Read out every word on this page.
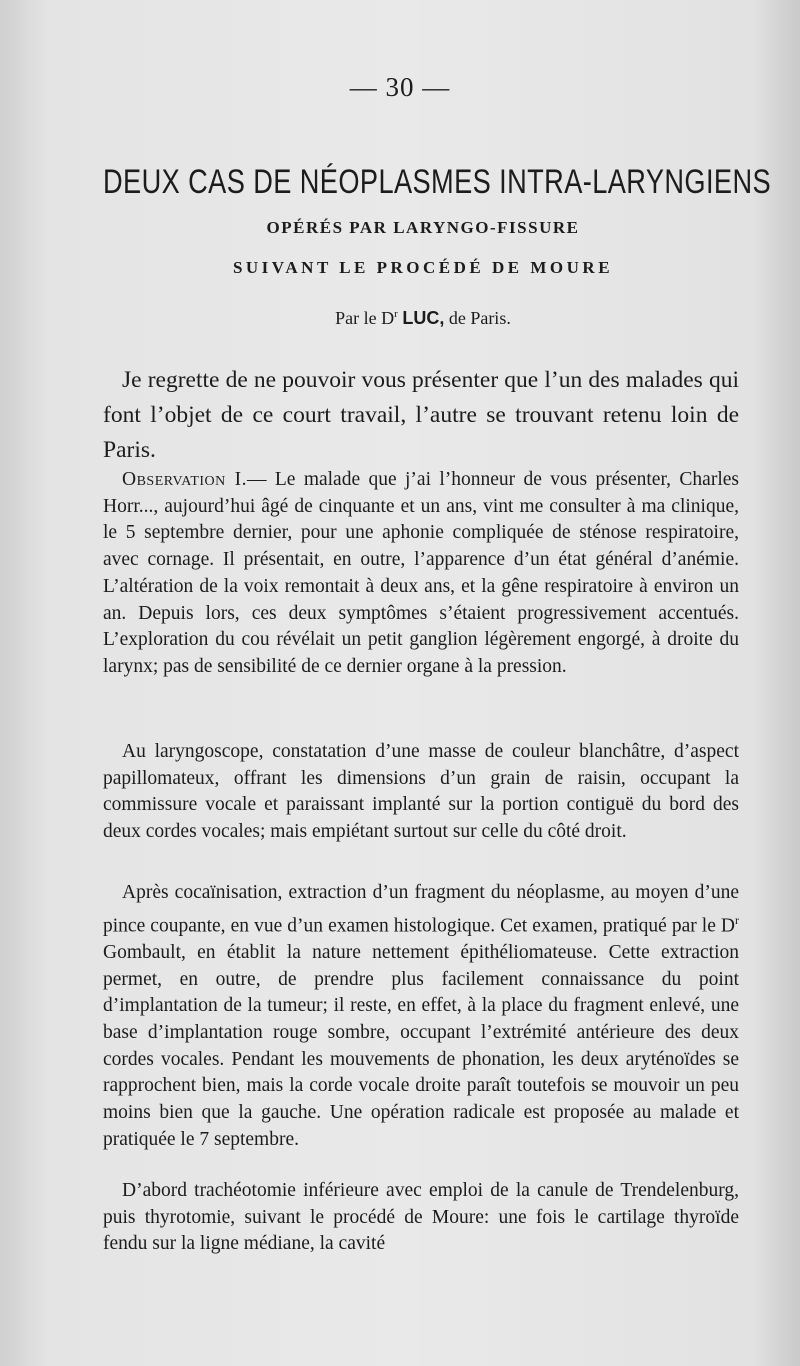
— 30 —
DEUX CAS DE NÉOPLASMES INTRA-LARYNGIENS
OPÉRÉS PAR LARYNGO-FISSURE
SUIVANT LE PROCÉDÉ DE MOURE
Par le $D^r$ LUC, de Paris.

Je regrette de ne pouvoir vous présenter que l’un des malades qui font l’objet de ce court travail, l’autre se trouvant retenu loin de Paris.

Observation I.— Le malade que j’ai l’honneur de vous présenter, Charles Horr..., aujourd’hui âgé de cinquante et un ans, vint me consulter à ma clinique, le 5 septembre dernier, pour une aphonie compliquée de sténose respiratoire, avec cornage. Il présentait, en outre, l’apparence d’un état général d’anémie. L’altération de la voix remontait à deux ans, et la gêne respiratoire à environ un an. Depuis lors, ces deux symptômes s’étaient progressivement accentués. L’exploration du cou révélait un petit ganglion légèrement engorgé, à droite du larynx; pas de sensibilité de ce dernier organe à la pression.

Au laryngoscope, constatation d’une masse de couleur blanchâtre, d’aspect papillomateux, offrant les dimensions d’un grain de raisin, occupant la commissure vocale et paraissant implanté sur la portion contiguë du bord des deux cordes vocales; mais empiétant surtout sur celle du côté droit.

Après cocaïnisation, extraction d’un fragment du néoplasme, au moyen d’une pince coupante, en vue d’un examen histologique. Cet examen, pratiqué par le $D^r$ Gombault, en établit la nature nettement épithéliomateuse. Cette extraction permet, en outre, de prendre plus facilement connaissance du point d’implantation de la tumeur; il reste, en effet, à la place du fragment enlevé, une base d’implantation rouge sombre, occupant l’extrémité antérieure des deux cordes vocales. Pendant les mouvements de phonation, les deux aryténoïdes se rapprochent bien, mais la corde vocale droite paraît toutefois se mouvoir un peu moins bien que la gauche. Une opération radicale est proposée au malade et pratiquée le 7 septembre.

D’abord trachéotomie inférieure avec emploi de la canule de Trendelenburg, puis thyrotomie, suivant le procédé de Moure: une fois le cartilage thyroïde fendu sur la ligne médiane, la cavité
